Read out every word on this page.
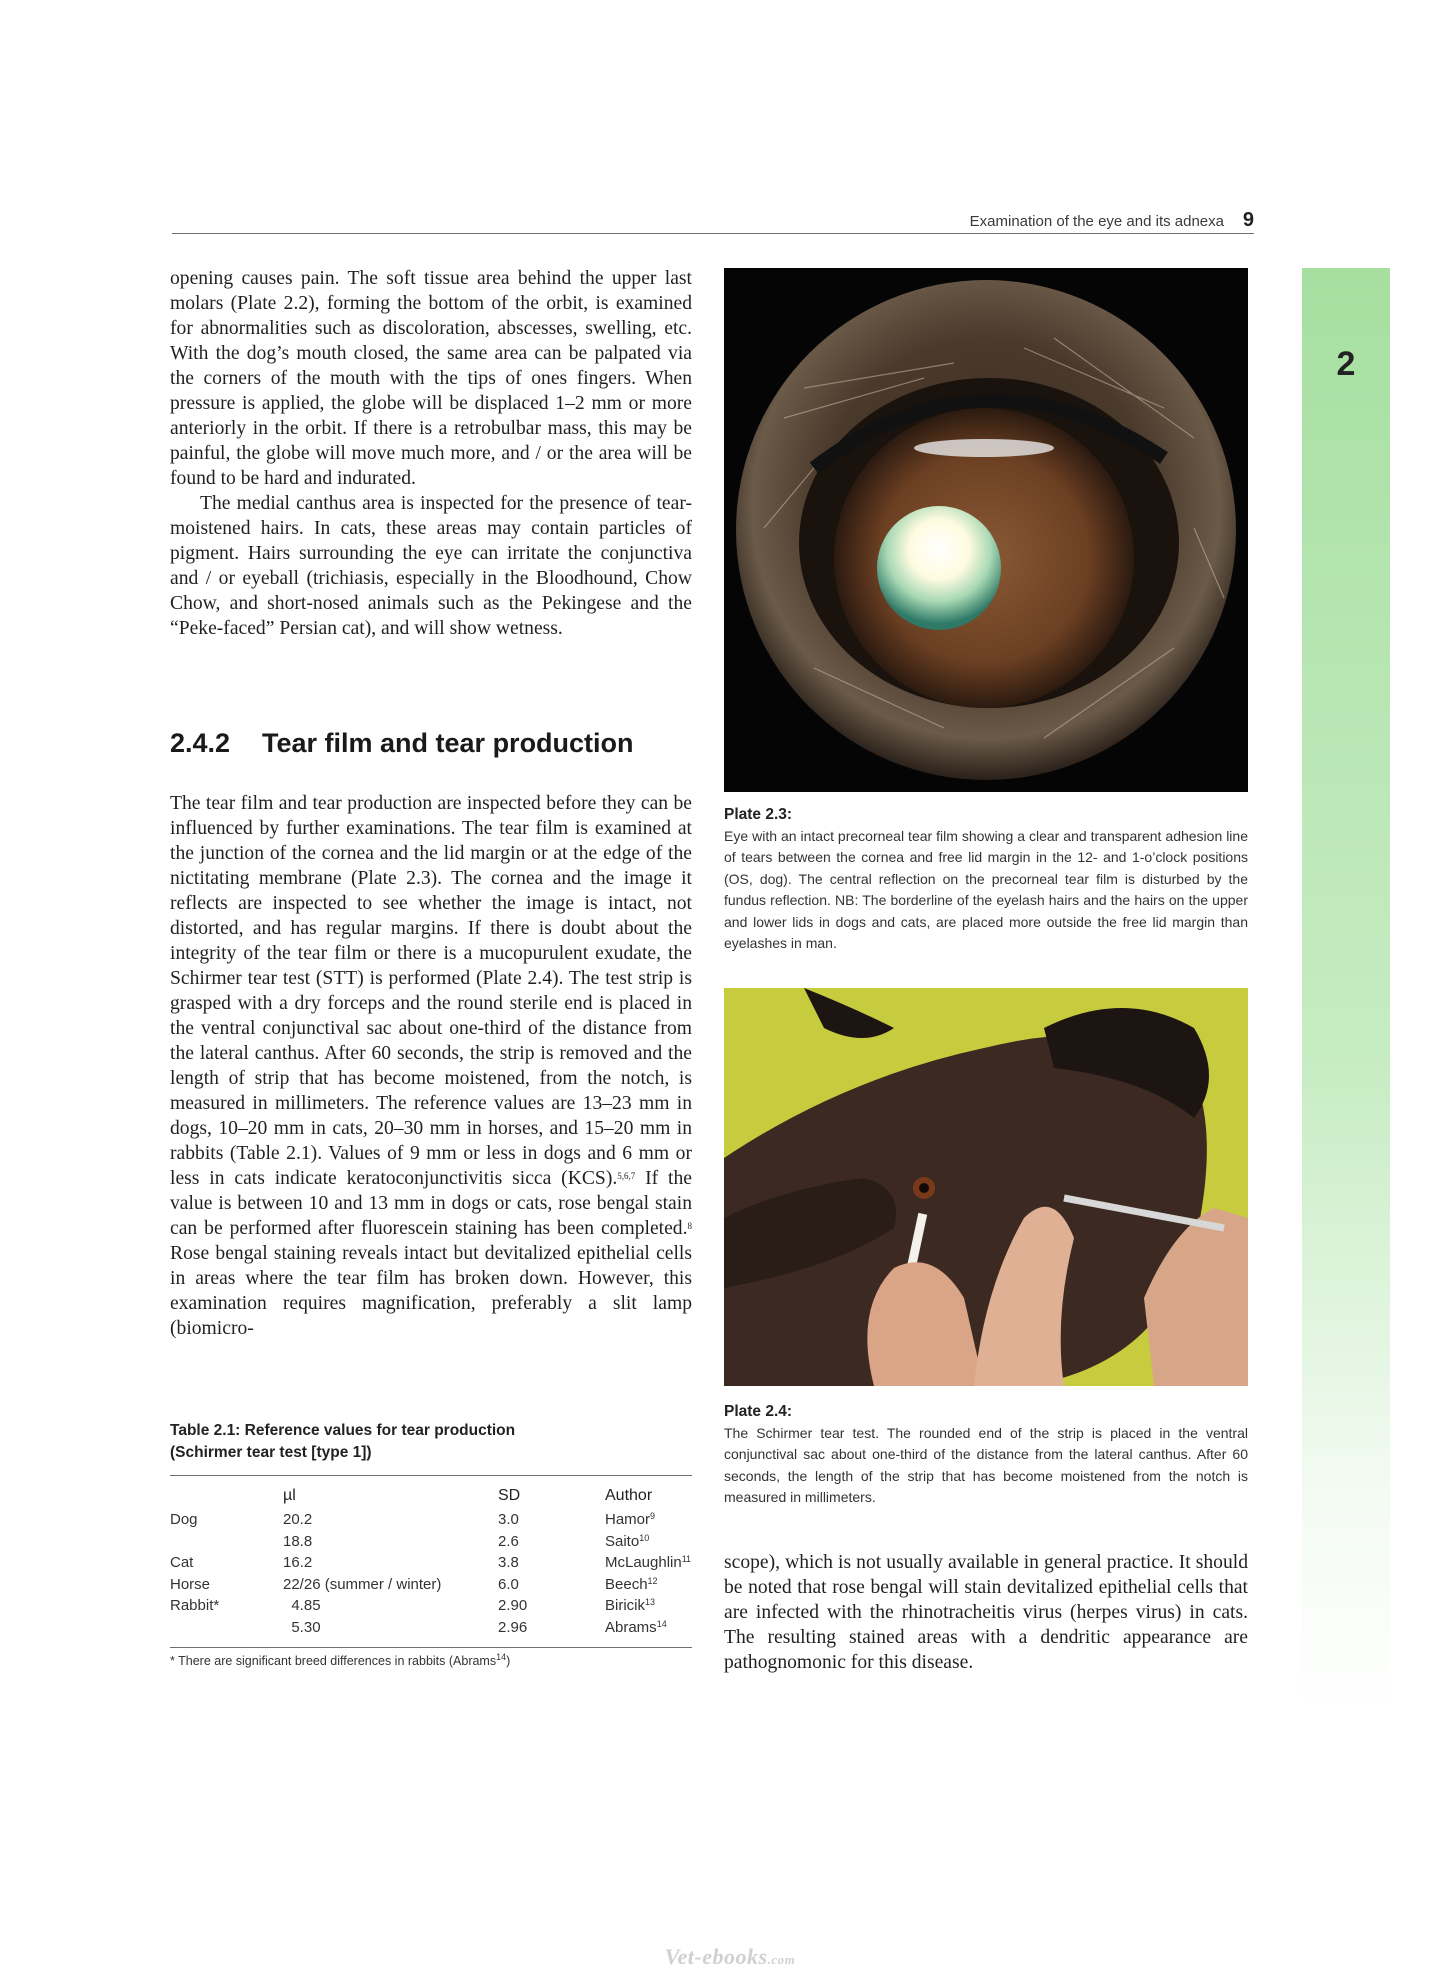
Examination of the eye and its adnexa 9
2

opening causes pain. The soft tissue area behind the upper last molars (Plate 2.2), forming the bottom of the orbit, is examined for abnormalities such as discoloration, abscesses, swelling, etc. With the dog’s mouth closed, the same area can be palpated via the corners of the mouth with the tips of ones fingers. When pressure is applied, the globe will be displaced 1–2 mm or more anteriorly in the orbit. If there is a retrobulbar mass, this may be painful, the globe will move much more, and / or the area will be found to be hard and indurated.

The medial canthus area is inspected for the presence of tear-moistened hairs. In cats, these areas may contain particles of pigment. Hairs surrounding the eye can irritate the conjunctiva and / or eyeball (trichiasis, especially in the Bloodhound, Chow Chow, and short-nosed animals such as the Pekingese and the “Peke-faced” Persian cat), and will show wetness.

2.4.2 Tear film and tear production

The tear film and tear production are inspected before they can be influenced by further examinations. The tear film is examined at the junction of the cornea and the lid margin or at the edge of the nictitating membrane (Plate 2.3). The cornea and the image it reflects are inspected to see whether the image is intact, not distorted, and has regular margins. If there is doubt about the integrity of the tear film or there is a mucopurulent exudate, the Schirmer tear test (STT) is performed (Plate 2.4). The test strip is grasped with a dry forceps and the round sterile end is placed in the ventral conjunctival sac about one-third of the distance from the lateral canthus. After 60 seconds, the strip is removed and the length of strip that has become moistened, from the notch, is measured in millimeters. The reference values are 13–23 mm in dogs, 10–20 mm in cats, 20–30 mm in horses, and 15–20 mm in rabbits (Table 2.1). Values of 9 mm or less in dogs and 6 mm or less in cats indicate keratoconjunctivitis sicca (KCS).$^{5,6,7}$ If the value is between 10 and 13 mm in dogs or cats, rose bengal stain can be performed after fluorescein staining has been completed.$^8$ Rose bengal staining reveals intact but devitalized epithelial cells in areas where the tear film has broken down. However, this examination requires magnification, preferably a slit lamp (biomicro-

Plate 2.3:
Eye with an intact precorneal tear film showing a clear and transparent adhesion line of tears between the cornea and free lid margin in the 12- and 1-o’clock positions (OS, dog). The central reflection on the precorneal tear film is disturbed by the fundus reflection. NB: The borderline of the eyelash hairs and the hairs on the upper and lower lids in dogs and cats, are placed more outside the free lid margin than eyelashes in man.
Plate 2.4:
The Schirmer tear test. The rounded end of the strip is placed in the ventral conjunctival sac about one-third of the distance from the lateral canthus. After 60 seconds, the length of the strip that has become moistened from the notch is measured in millimeters.

scope), which is not usually available in general practice. It should be noted that rose bengal will stain devitalized epithelial cells that are infected with the rhinotracheitis virus (herpes virus) in cats. The resulting stained areas with a dendritic appearance are pathognomonic for this disease.

Table 2.1: Reference values for tear production
(Schirmer tear test [type 1])
	µl	SD	Author
Dog	20.2	3.0	Hamor$^9$
	18.8	2.6	Saito$^{10}$
Cat	16.2	3.8	McLaughlin$^{11}$
Horse	22/26 (summer / winter)	6.0	Beech$^{12}$
Rabbit*	4.85	2.90	Biricik$^{13}$
	5.30	2.96	Abrams$^{14}$
* There are significant breed differences in rabbits (Abrams$^{14}$)
Vet-ebooks.com
